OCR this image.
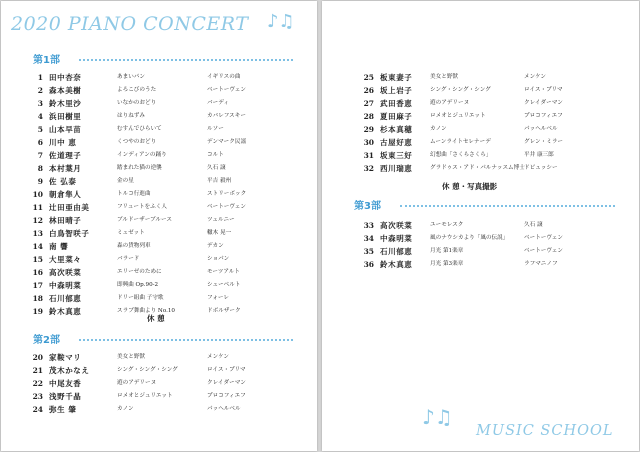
2020 PIANO CONCERT ♪♫
第1部
1 田中杏奈	あまいパン	イギリスの曲
2 森本美樹	よろこびのうた	ベートーヴェン
3 鈴木里沙	いなかのおどり	バーディ
4 浜田樹里	はりねずみ	カバレフスキー
5 山本早苗	むすんでひらいて	ルソー
6 川中 恵	くつやのおどり	デンマーク民謡
7 佐道理子	インディアンの踊り	コルト
8 本村葉月	踏まれた猫の逆襲	久石 譲
9 佐 弘泰	金の星	平吉 毅州
10 朝倉隼人	トルコ行進曲	ストリーボック
11 辻田亜由美	フリュートをふく人	ベートーヴェン
12 林田晴子	ブルドーザーブルース	ツェルニー
13 白鳥智咲子	ミュゼット	轍木 晃一
14 南 響	森の貨物列車	デカン
15 大里菜々	バラード	ショパン
16 高次咲菜	エリーゼのために	モーツアルト
17 中森明菜	即興曲 Op.90-2	シューベルト
18 石川郁恵	ドリー組曲 子守歌	フォーレ
19 鈴木真恵	スラブ舞曲より No.10	ドボルザーク
休 憩
第2部
20 家鞍マリ	美女と野獣	メンケン
21 茂木かなえ	シング・シング・シング	ロイス・プリマ
22 中尾友香	遊のアデリーヌ	クレイダーマン
23 浅野千晶	ロメオとジュリエット	プロコフィエフ
24 弥生 肇	カノン	パッヘルベル
25 板東妻子	美女と野獣	メンケン
26 坂上岩子	シング・シング・シング	ロイス・プリマ
27 武田香恵	遊のアデリーヌ	クレイダーマン
28 夏田麻子	ロメオとジュリエット	プロコフィエフ
29 杉本真穂	カノン	パッヘルベル
30 古屋好恵	ムーンライトセレナーデ	グレン・ミラー
31 坂東三好	幻想曲「さくらさくら」	平井 康三郎
32 西川瑞恵	グラドゥス・アド・パルナッスム博士 ドビュッシー
休 憩・写真撮影
第3部
33 高次咲菜	ユーモレスク	久石 譲
34 中森明菜	風のナウシカより「風の伝説」	ベートーヴェン
35 石川郁恵	月光 第1楽章	ベートーヴェン
36 鈴木真恵	月光 第3楽章	ラフマニノフ
♪♫
MUSIC SCHOOL
